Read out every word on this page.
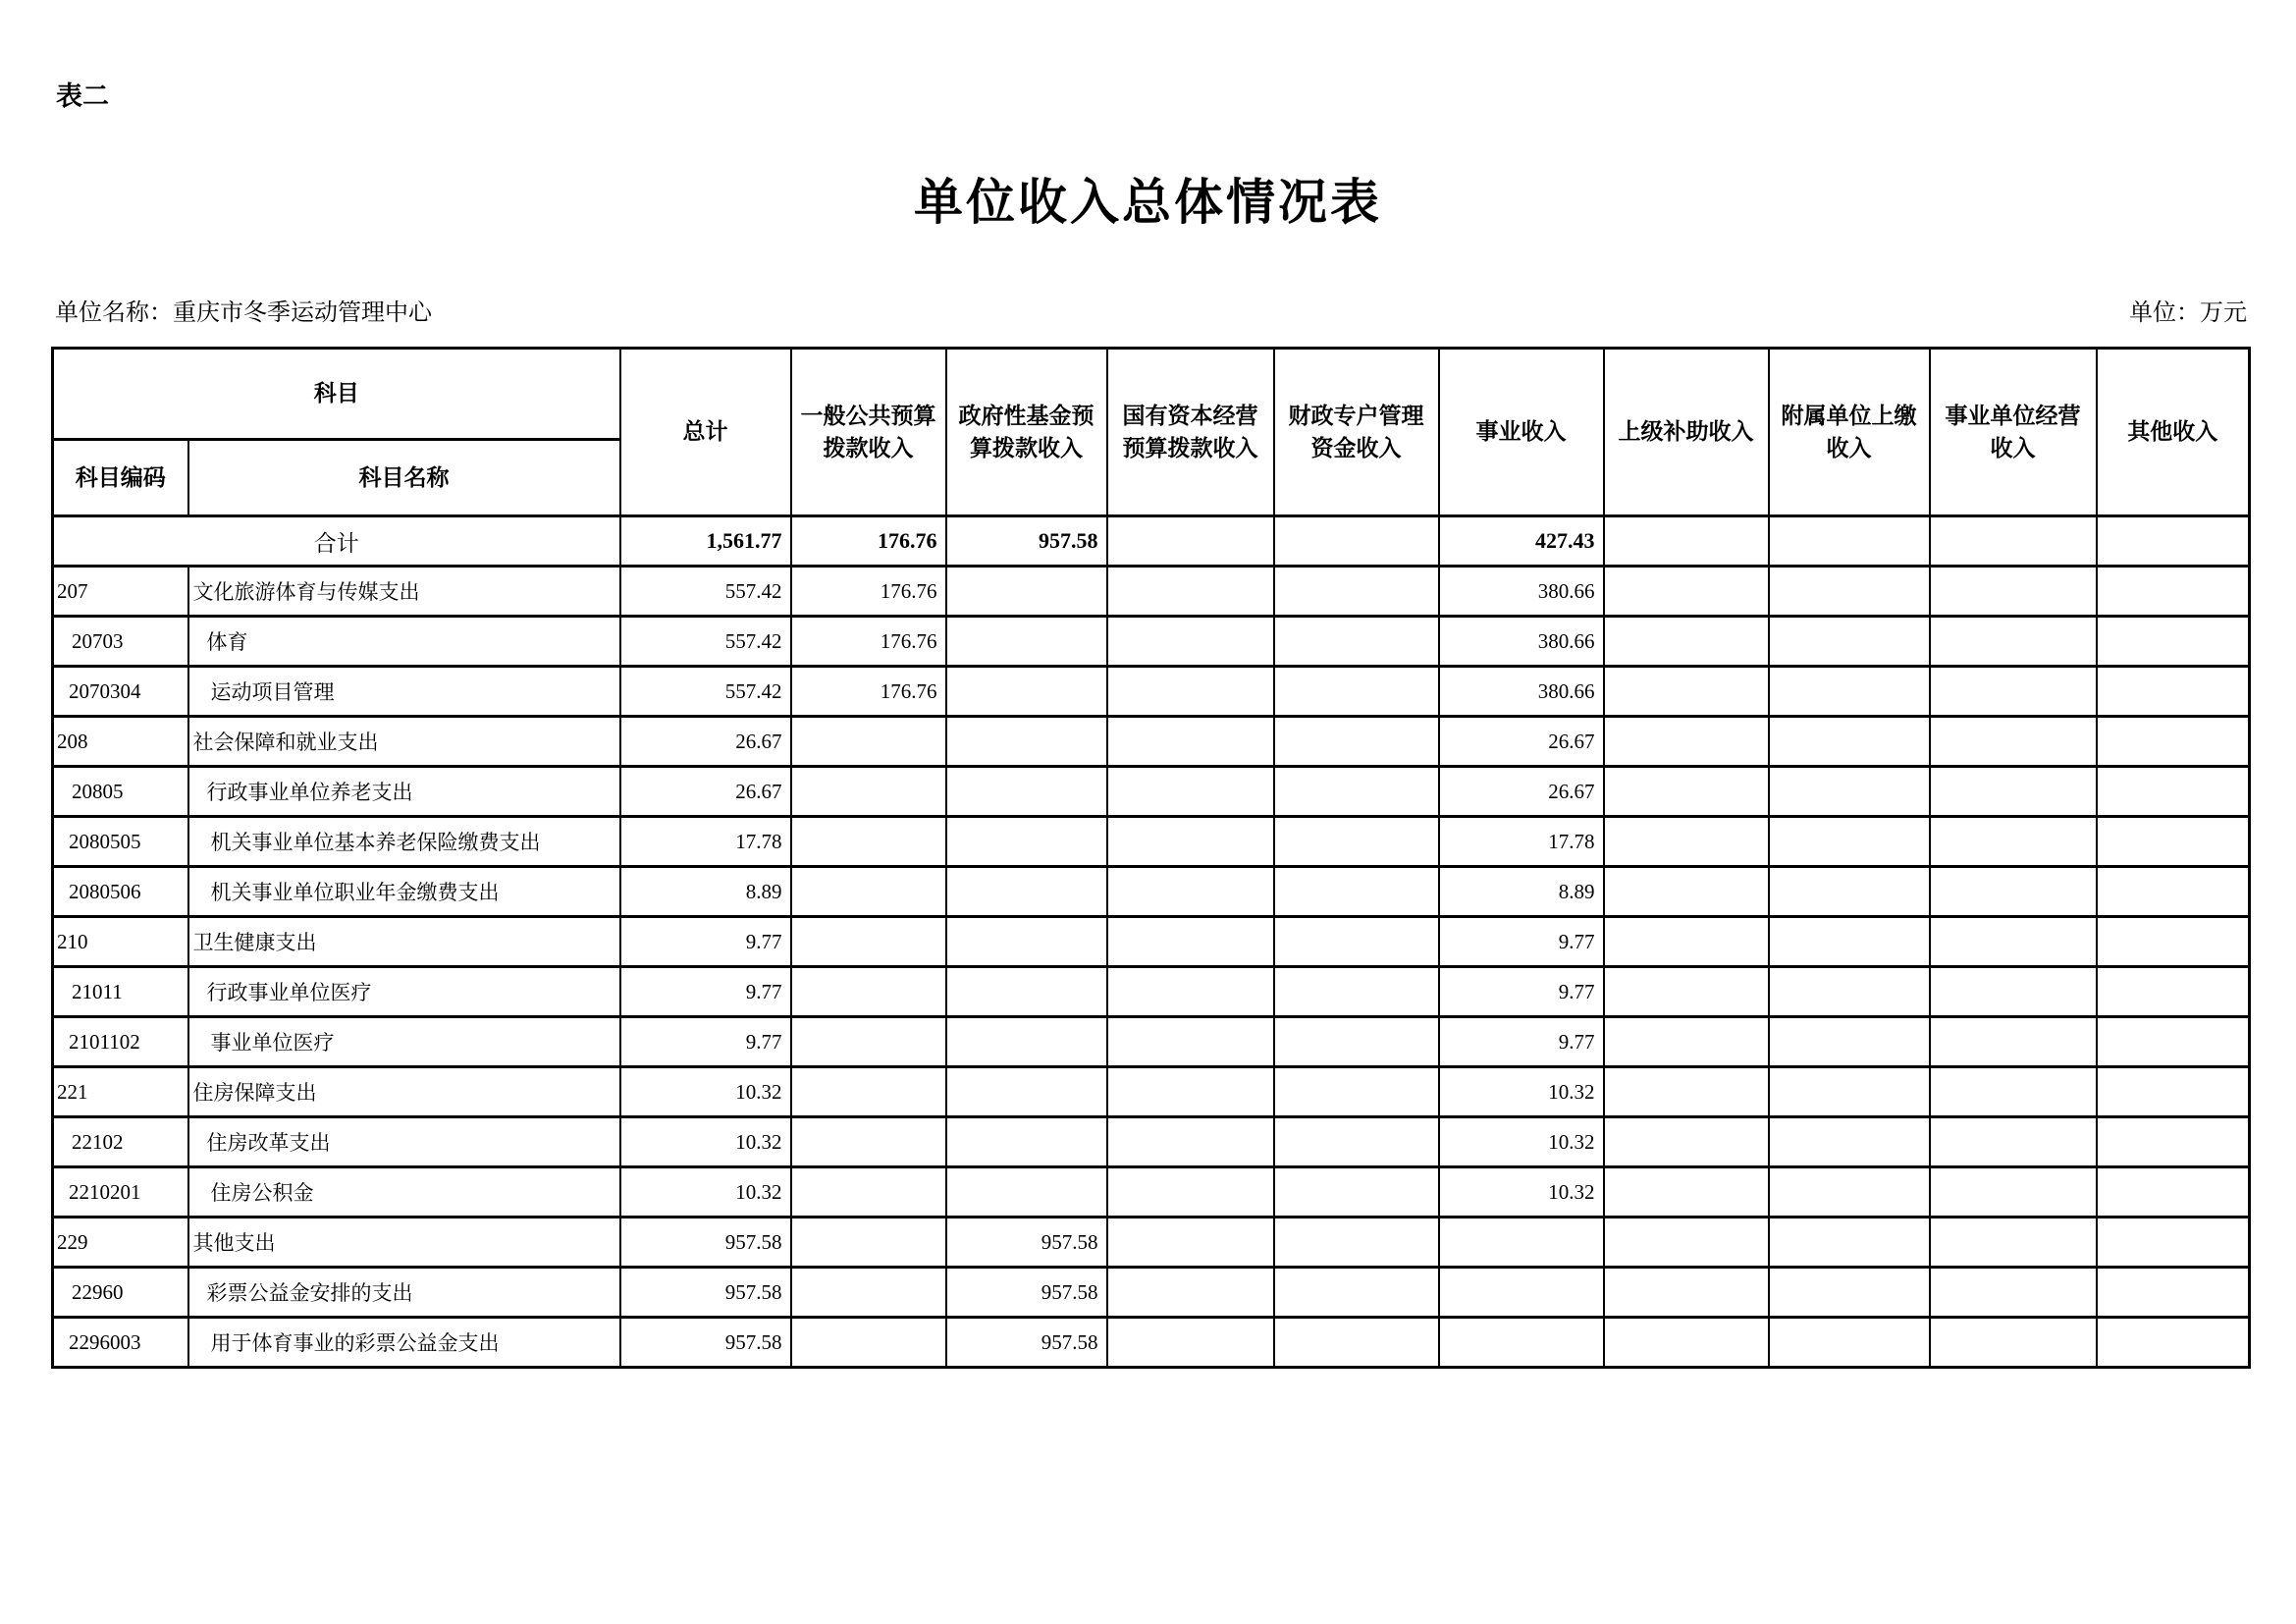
表二
单位收入总体情况表
单位名称：重庆市冬季运动管理中心	单位：万元
科目		总计	一般公共预算拨款收入	政府性基金预算拨款收入	国有资本经营预算拨款收入	财政专户管理资金收入	事业收入	上级补助收入	附属单位上缴收入	事业单位经营收入	其他收入
科目编码	科目名称										
合计		1,561.77	176.76	957.58			427.43				
207	文化旅游体育与传媒支出	557.42	176.76				380.66				
20703	体育	557.42	176.76				380.66				
2070304	运动项目管理	557.42	176.76				380.66				
208	社会保障和就业支出	26.67					26.67				
20805	行政事业单位养老支出	26.67					26.67				
2080505	机关事业单位基本养老保险缴费支出	17.78					17.78				
2080506	机关事业单位职业年金缴费支出	8.89					8.89				
210	卫生健康支出	9.77					9.77				
21011	行政事业单位医疗	9.77					9.77				
2101102	事业单位医疗	9.77					9.77				
221	住房保障支出	10.32					10.32				
22102	住房改革支出	10.32					10.32				
2210201	住房公积金	10.32					10.32				
229	其他支出	957.58		957.58							
22960	彩票公益金安排的支出	957.58		957.58							
2296003	用于体育事业的彩票公益金支出	957.58		957.58							
